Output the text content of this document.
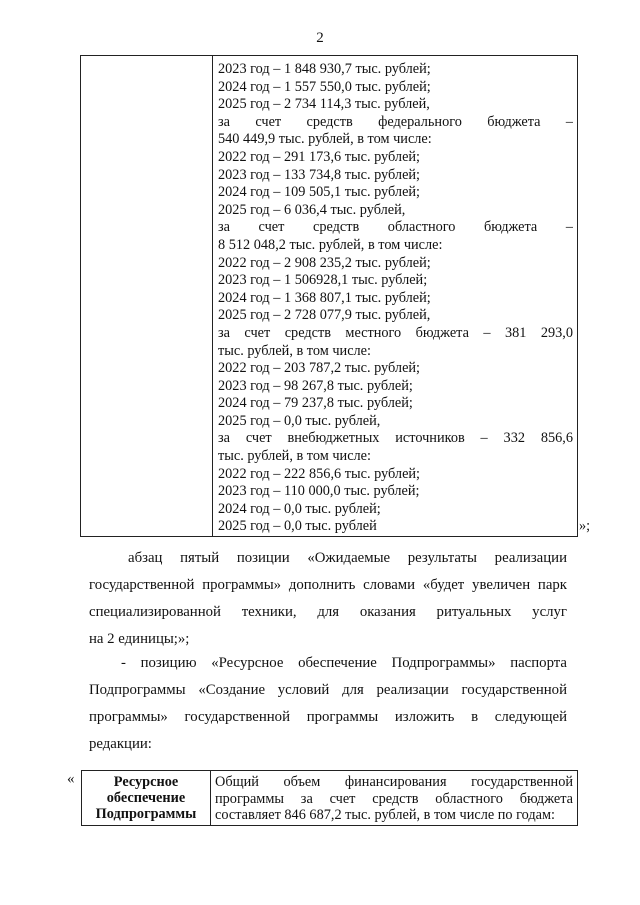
2
2023 год – 1 848 930,7 тыс. рублей;
2024 год – 1 557 550,0 тыс. рублей;
2025 год – 2 734 114,3 тыс. рублей,
за счет средств федерального бюджета –
540 449,9 тыс. рублей, в том числе:
2022 год – 291 173,6 тыс. рублей;
2023 год – 133 734,8 тыс. рублей;
2024 год – 109 505,1 тыс. рублей;
2025 год – 6 036,4 тыс. рублей,
за счет средств областного бюджета –
8 512 048,2 тыс. рублей, в том числе:
2022 год – 2 908 235,2 тыс. рублей;
2023 год – 1 506928,1 тыс. рублей;
2024 год – 1 368 807,1 тыс. рублей;
2025 год – 2 728 077,9 тыс. рублей,
за счет средств местного бюджета – 381 293,0
тыс. рублей, в том числе:
2022 год – 203 787,2 тыс. рублей;
2023 год – 98 267,8 тыс. рублей;
2024 год – 79 237,8 тыс. рублей;
2025 год – 0,0 тыс. рублей,
за счет внебюджетных источников – 332 856,6
тыс. рублей, в том числе:
2022 год – 222 856,6 тыс. рублей;
2023 год – 110 000,0 тыс. рублей;
2024 год – 0,0 тыс. рублей;
2025 год – 0,0 тыс. рублей	»;
абзац пятый позиции «Ожидаемые результаты реализации
государственной программы» дополнить словами «будет увеличен парк
специализированной техники, для оказания ритуальных услуг
на 2 единицы;»;
- позицию «Ресурсное обеспечение Подпрограммы» паспорта
Подпрограммы «Создание условий для реализации государственной
программы» государственной программы изложить в следующей
редакции:
«	Ресурсное обеспечение Подпрограммы
Общий объем финансирования государственной
программы за счет средств областного бюджета
составляет 846 687,2 тыс. рублей, в том числе по годам:
